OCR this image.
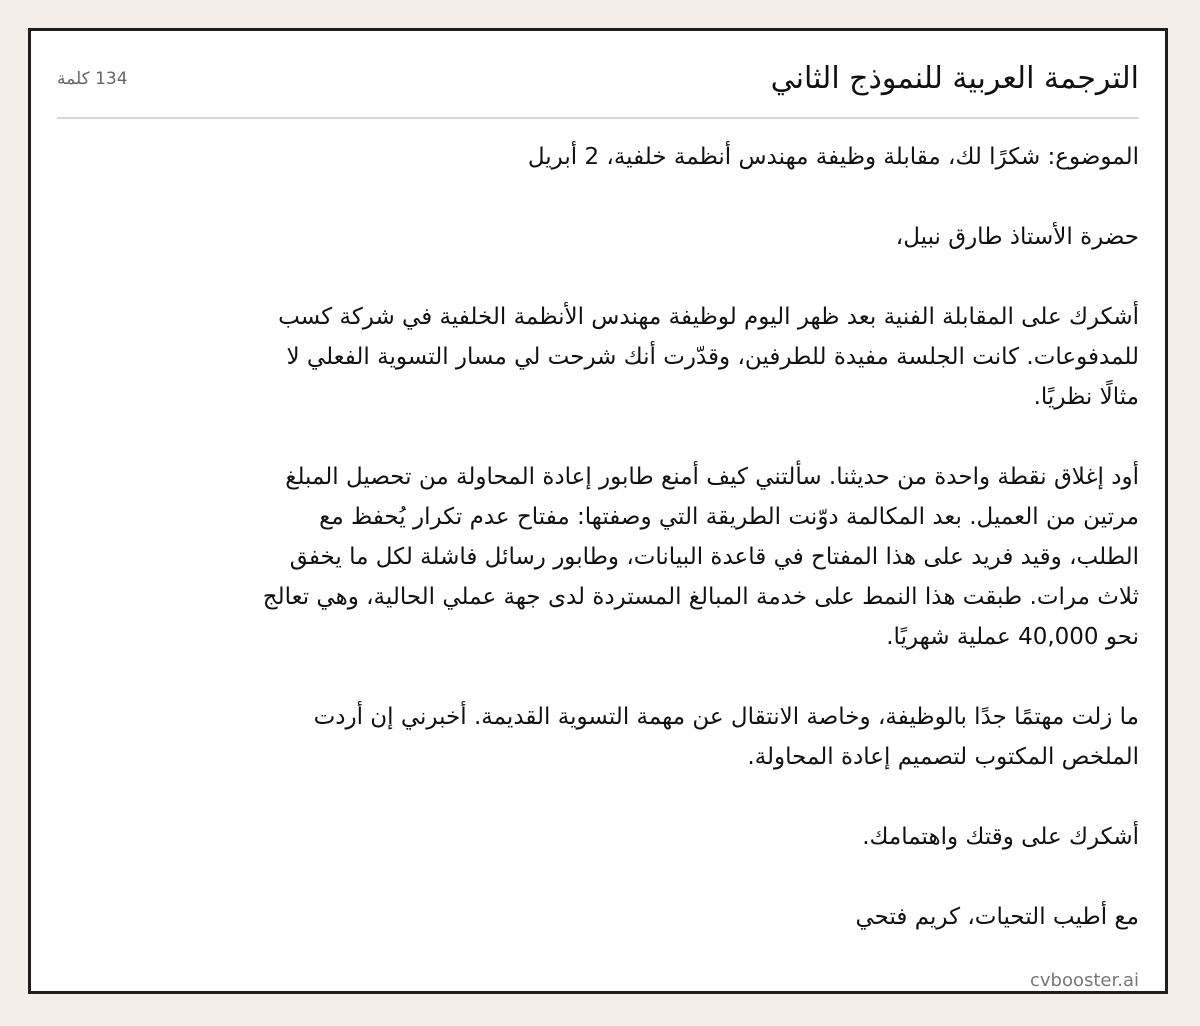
الترجمة العربية للنموذج الثاني
134 كلمة

الموضوع: شكرًا لك، مقابلة وظيفة مهندس أنظمة خلفية، 2 أبريل

حضرة الأستاذ طارق نبيل،

أشكرك على المقابلة الفنية بعد ظهر اليوم لوظيفة مهندس الأنظمة الخلفية في شركة كسب للمدفوعات. كانت الجلسة مفيدة للطرفين، وقدّرت أنك شرحت لي مسار التسوية الفعلي لا مثالًا نظريًا.

أود إغلاق نقطة واحدة من حديثنا. سألتني كيف أمنع طابور إعادة المحاولة من تحصيل المبلغ مرتين من العميل. بعد المكالمة دوّنت الطريقة التي وصفتها: مفتاح عدم تكرار يُحفظ مع الطلب، وقيد فريد على هذا المفتاح في قاعدة البيانات، وطابور رسائل فاشلة لكل ما يخفق ثلاث مرات. طبقت هذا النمط على خدمة المبالغ المستردة لدى جهة عملي الحالية، وهي تعالج نحو 40,000 عملية شهريًا.

ما زلت مهتمًا جدًا بالوظيفة، وخاصة الانتقال عن مهمة التسوية القديمة. أخبرني إن أردت الملخص المكتوب لتصميم إعادة المحاولة.

أشكرك على وقتك واهتمامك.

مع أطيب التحيات، كريم فتحي

cvbooster.ai
